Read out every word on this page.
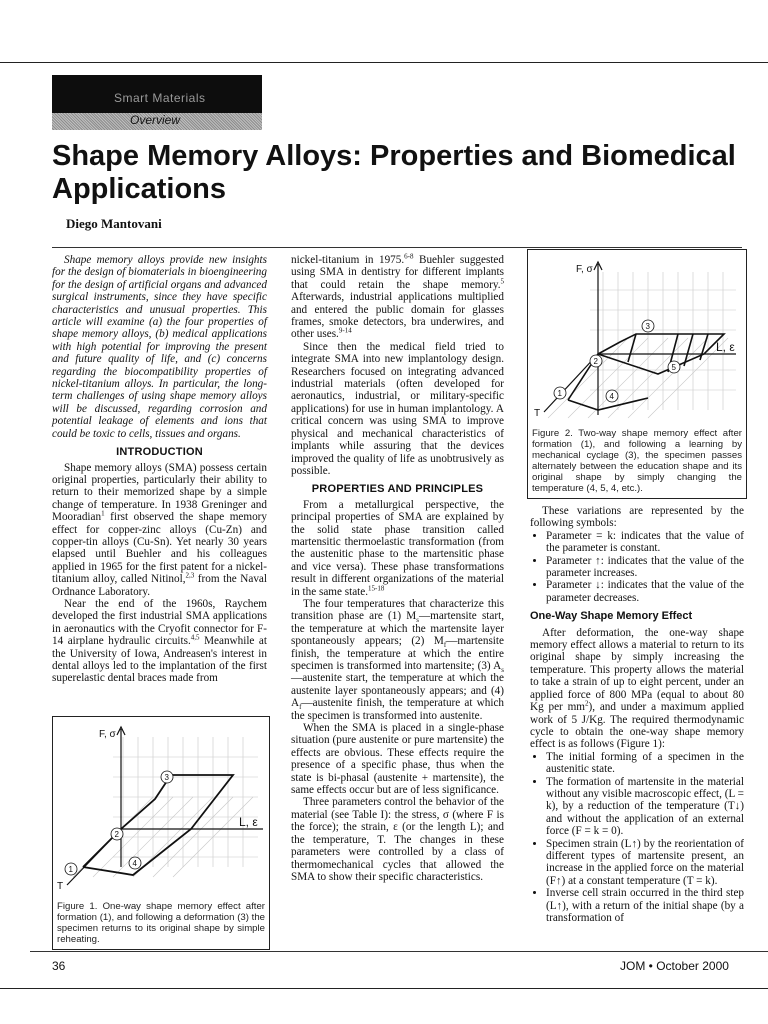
Smart Materials
Overview
Shape Memory Alloys: Properties and Biomedical Applications

Diego Mantovani

Shape memory alloys provide new insights for the design of biomaterials in bioengineering for the design of artificial organs and advanced surgical instruments, since they have specific characteristics and unusual properties. This article will examine (a) the four properties of shape memory alloys, (b) medical applications with high potential for improving the present and future quality of life, and (c) concerns regarding the biocompatibility properties of nickel-titanium alloys. In particular, the long-term challenges of using shape memory alloys will be discussed, regarding corrosion and potential leakage of elements and ions that could be toxic to cells, tissues and organs.

INTRODUCTION

Shape memory alloys (SMA) possess certain original properties, particularly their ability to return to their memorized shape by a simple change of temperature. In 1938 Greninger and Mooradian$^1$ first observed the shape memory effect for copper-zinc alloys (Cu-Zn) and copper-tin alloys (Cu-Sn). Yet nearly 30 years elapsed until Buehler and his colleagues applied in 1965 for the first patent for a nickel-titanium alloy, called Nitinol,$^{2,3}$ from the Naval Ordnance Laboratory.

Near the end of the 1960s, Raychem developed the first industrial SMA applications in aeronautics with the Cryofit connector for F-14 airplane hydraulic circuits.$^{4,5}$ Meanwhile at the University of Iowa, Andreasen's interest in dental alloys led to the implantation of the first superelastic dental braces made from

F, σ
L, ε
T
1
2
3
4
Figure 1. One-way shape memory effect after formation (1), and following a deformation (3) the specimen returns to its original shape by simple reheating.

nickel-titanium in 1975.$^{6-8}$ Buehler suggested using SMA in dentistry for different implants that could retain the shape memory.$^5$ Afterwards, industrial applications multiplied and entered the public domain for glasses frames, smoke detectors, bra underwires, and other uses.$^{9-14}$

Since then the medical field tried to integrate SMA into new implantology design. Researchers focused on integrating advanced industrial materials (often developed for aeronautics, industrial, or military-specific applications) for use in human implantology. A critical concern was using SMA to improve physical and mechanical characteristics of implants while assuring that the devices improved the quality of life as unobtrusively as possible.

PROPERTIES AND PRINCIPLES

From a metallurgical perspective, the principal properties of SMA are explained by the solid state phase transition called martensitic thermoelastic transformation (from the austenitic phase to the martensitic phase and vice versa). These phase transformations result in different organizations of the material in the same state.$^{15-18}$

The four temperatures that characterize this transition phase are (1) $M_s—martensite$ start, the temperature at which the martensite layer spontaneously appears; (2) $M_f—martensite$ finish, the temperature at which the entire specimen is transformed into martensite; (3) $A_s—austenite$ start, the temperature at which the austenite layer spontaneously appears; and (4) $A_f—austenite$ finish, the temperature at which the specimen is transformed into austenite.

When the SMA is placed in a single-phase situation (pure austenite or pure martensite) the effects are obvious. These effects require the presence of a specific phase, thus when the state is bi-phasal (austenite + martensite), the same effects occur but are of less significance.

Three parameters control the behavior of the material (see Table I): the stress, σ (where F is the force); the strain, ε (or the length L); and the temperature, T. The changes in these parameters were controlled by a class of thermomechanical cycles that allowed the SMA to show their specific characteristics.

F, σ
L, ε
T
1
2
3
4
5
Figure 2. Two-way shape memory effect after formation (1), and following a learning by mechanical cyclage (3), the specimen passes alternately between the education shape and its original shape by simply changing the temperature (4, 5, 4, etc.).

These variations are represented by the following symbols:

• Parameter = k: indicates that the value of the parameter is constant.
• Parameter ↑: indicates that the value of the parameter increases.
• Parameter ↓: indicates that the value of the parameter decreases.
One-Way Shape Memory Effect

After deformation, the one-way shape memory effect allows a material to return to its original shape by simply increasing the temperature. This property allows the material to take a strain of up to eight percent, under an applied force of 800 MPa (equal to about 80 Kg per $mm^2$), and under a maximum applied work of 5 J/Kg. The required thermodynamic cycle to obtain the one-way shape memory effect is as follows (Figure 1):

• The initial forming of a specimen in the austenitic state.
• The formation of martensite in the material without any visible macroscopic effect, (L = k), by a reduction of the temperature (T↓) and without the application of an external force (F = k = 0).
• Specimen strain (L↑) by the reorientation of different types of martensite present, an increase in the applied force on the material (F↑) at a constant temperature (T = k).
• Inverse cell strain occurred in the third step (L↑), with a return of the initial shape (by a transformation of
36	JOM • October 2000
